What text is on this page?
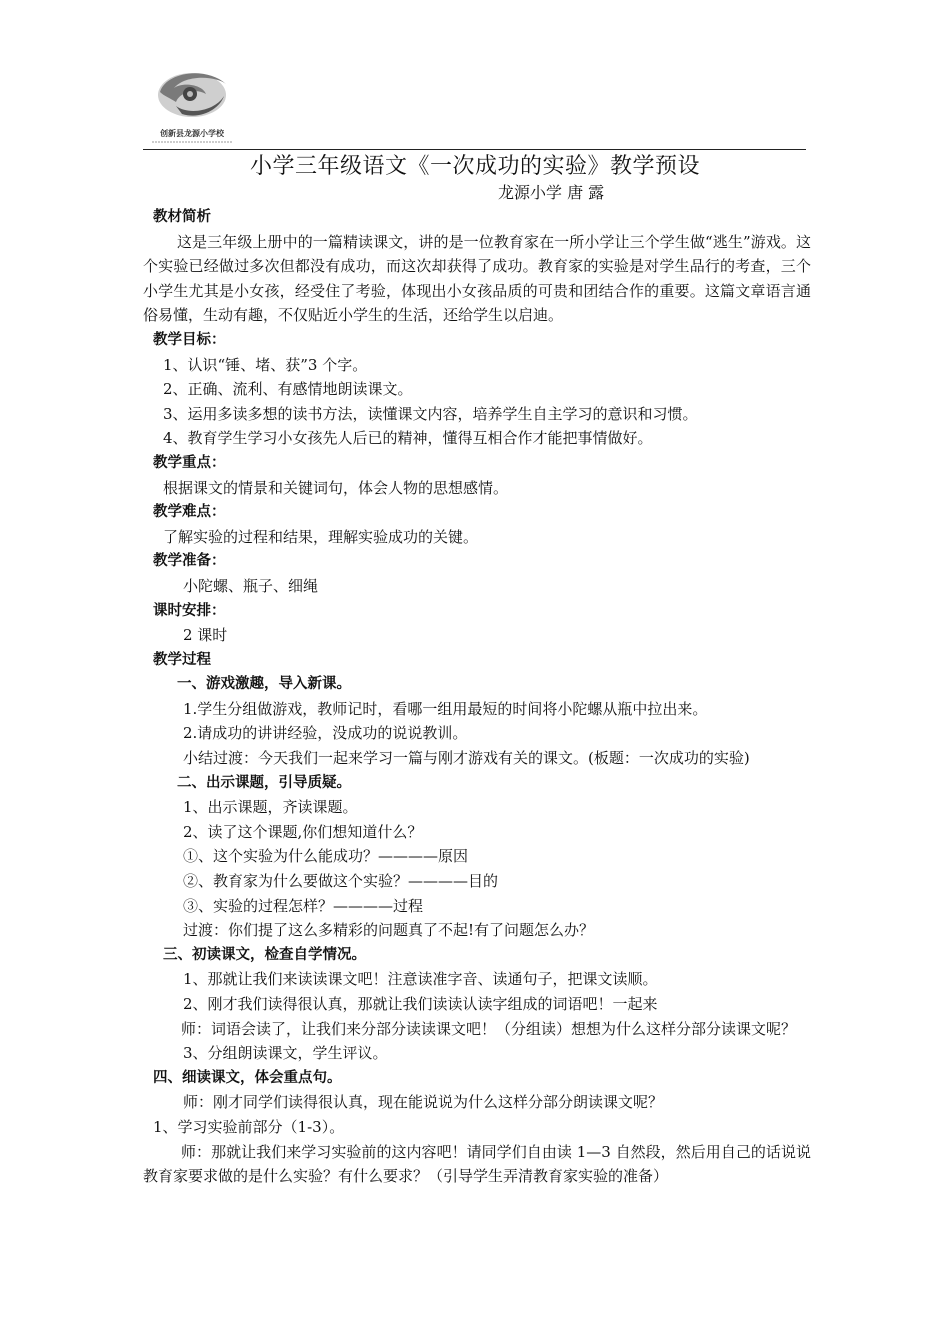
创新县龙源小学校
小学三年级语文《一次成功的实验》教学预设
龙源小学 唐 露
教材简析
这是三年级上册中的一篇精读课文，讲的是一位教育家在一所小学让三个学生做“逃生”游戏。这个实验已经做过多次但都没有成功，而这次却获得了成功。教育家的实验是对学生品行的考查，三个小学生尤其是小女孩，经受住了考验，体现出小女孩品质的可贵和团结合作的重要。这篇文章语言通俗易懂，生动有趣，不仅贴近小学生的生活，还给学生以启迪。
教学目标：
1、认识“锤、堵、获”3 个字。
2、正确、流利、有感情地朗读课文。
3、运用多读多想的读书方法，读懂课文内容，培养学生自主学习的意识和习惯。
4、教育学生学习小女孩先人后已的精神，懂得互相合作才能把事情做好。
教学重点：
根据课文的情景和关键词句，体会人物的思想感情。
教学难点：
了解实验的过程和结果，理解实验成功的关键。
教学准备：
小陀螺、瓶子、细绳
课时安排：
2 课时
教学过程
一、游戏激趣，导入新课。
1.学生分组做游戏，教师记时，看哪一组用最短的时间将小陀螺从瓶中拉出来。
2.请成功的讲讲经验，没成功的说说教训。
小结过渡：今天我们一起来学习一篇与刚才游戏有关的课文。(板题：一次成功的实验)
二、出示课题，引导质疑。
1、出示课题，齐读课题。
2、读了这个课题,你们想知道什么？
①、这个实验为什么能成功？————原因
②、教育家为什么要做这个实验？————目的
③、实验的过程怎样？————过程
过渡：你们提了这么多精彩的问题真了不起!有了问题怎么办？
三、初读课文，检查自学情况。
1、那就让我们来读读课文吧！注意读准字音、读通句子，把课文读顺。
2、刚才我们读得很认真，那就让我们读读认读字组成的词语吧！一起来
师：词语会读了，让我们来分部分读读课文吧！（分组读）想想为什么这样分部分读课文呢？
3、分组朗读课文，学生评议。
四、细读课文，体会重点句。
师：刚才同学们读得很认真，现在能说说为什么这样分部分朗读课文呢？
1、学习实验前部分（1-3）。
师：那就让我们来学习实验前的这内容吧！请同学们自由读 1—3 自然段，然后用自己的话说说教育家要求做的是什么实验？有什么要求？（引导学生弄清教育家实验的准备）
